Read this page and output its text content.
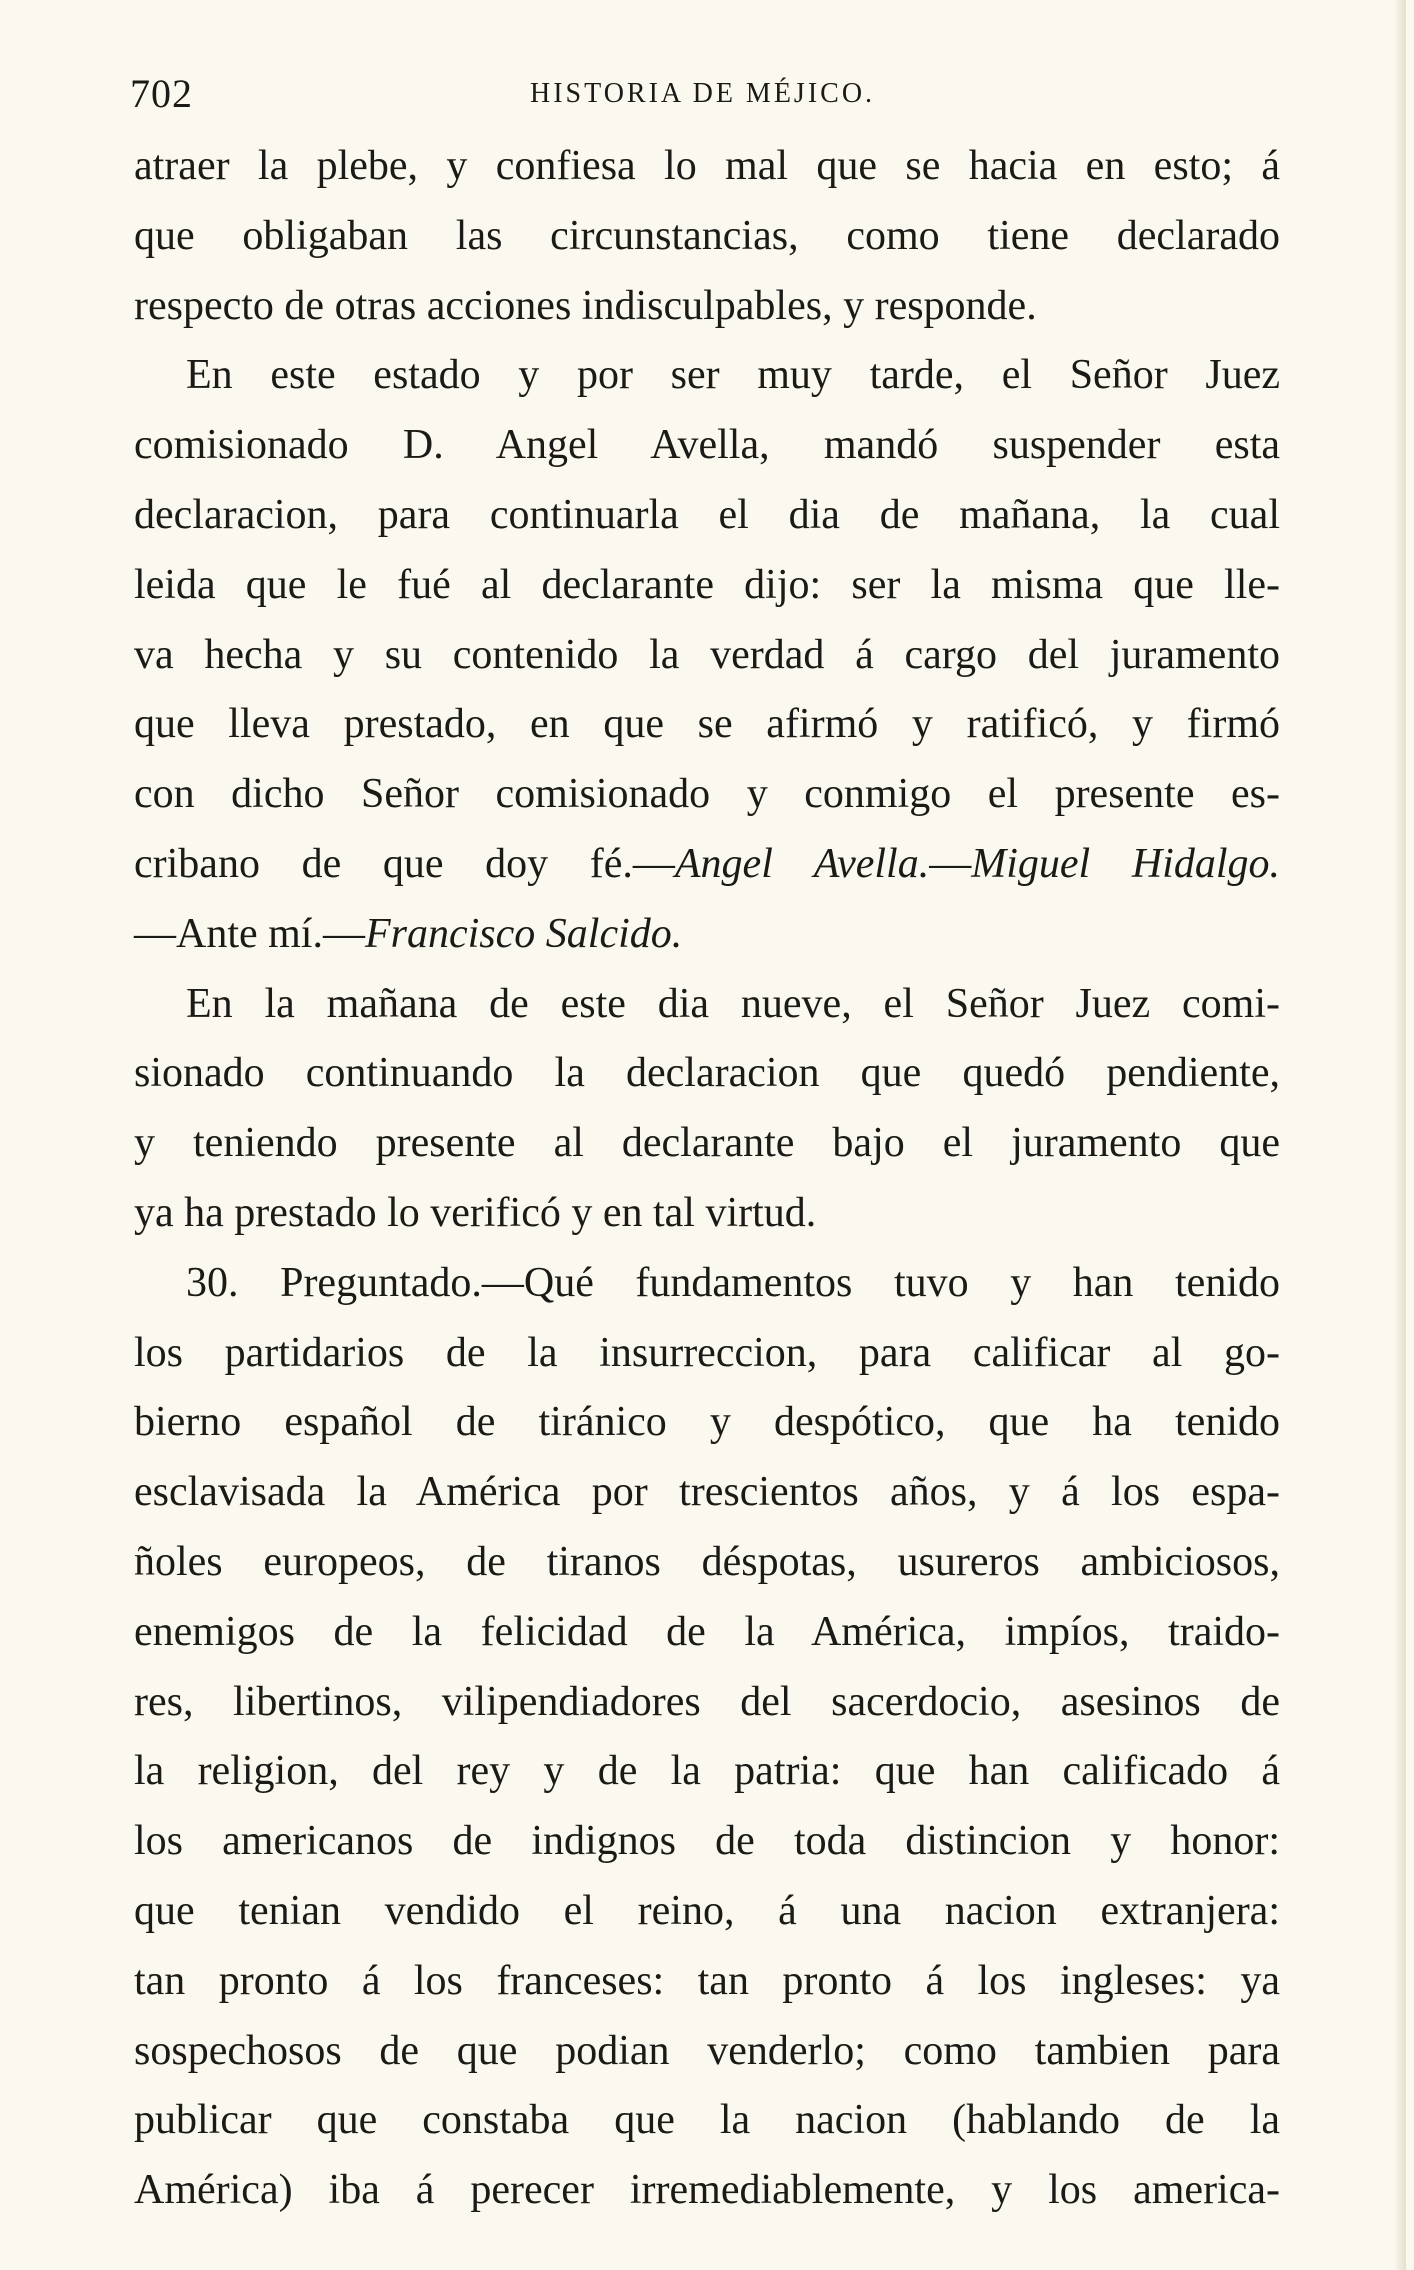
702	HISTORIA DE MÉJICO.
atraer la plebe, y confiesa lo mal que se hacia en esto; á
que obligaban las circunstancias, como tiene declarado
respecto de otras acciones indisculpables, y responde.
En este estado y por ser muy tarde, el Señor Juez
comisionado D. Angel Avella, mandó suspender esta
declaracion, para continuarla el dia de mañana, la cual
leida que le fué al declarante dijo: ser la misma que lle-
va hecha y su contenido la verdad á cargo del juramento
que lleva prestado, en que se afirmó y ratificó, y firmó
con dicho Señor comisionado y conmigo el presente es-
cribano de que doy fé.—Angel Avella.—Miguel Hidalgo.
—Ante mí.—Francisco Salcido.
En la mañana de este dia nueve, el Señor Juez comi-
sionado continuando la declaracion que quedó pendiente,
y teniendo presente al declarante bajo el juramento que
ya ha prestado lo verificó y en tal virtud.
30. Preguntado.—Qué fundamentos tuvo y han tenido
los partidarios de la insurreccion, para calificar al go-
bierno español de tiránico y despótico, que ha tenido
esclavisada la América por trescientos años, y á los espa-
ñoles europeos, de tiranos déspotas, usureros ambiciosos,
enemigos de la felicidad de la América, impíos, traido-
res, libertinos, vilipendiadores del sacerdocio, asesinos de
la religion, del rey y de la patria: que han calificado á
los americanos de indignos de toda distincion y honor:
que tenian vendido el reino, á una nacion extranjera:
tan pronto á los franceses: tan pronto á los ingleses: ya
sospechosos de que podian venderlo; como tambien para
publicar que constaba que la nacion (hablando de la
América) iba á perecer irremediablemente, y los america-
